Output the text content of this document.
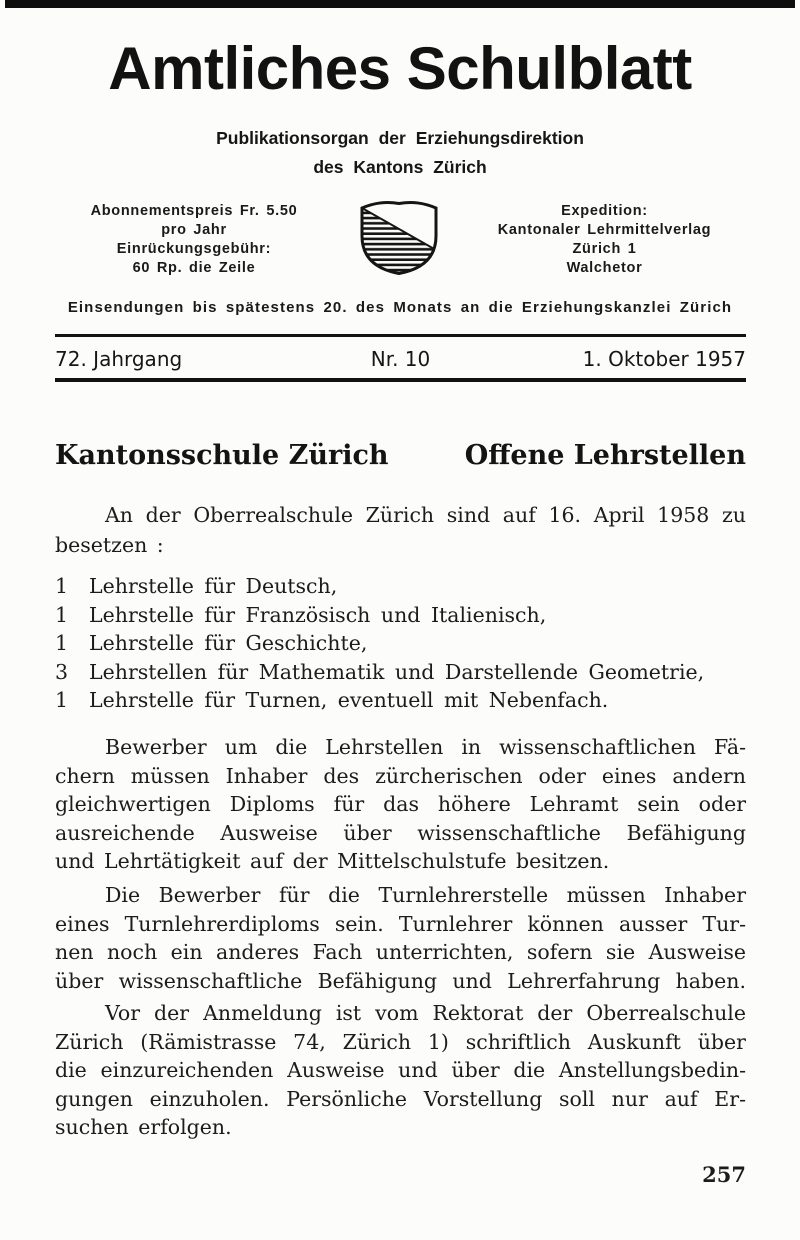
Amtliches Schulblatt
Publikationsorgan der Erziehungsdirektion
des Kantons Zürich
Abonnementspreis Fr. 5.50
pro Jahr
Einrückungsgebühr:
60 Rp. die Zeile
Expedition:
Kantonaler Lehrmittelverlag
Zürich 1
Walchetor
Einsendungen bis spätestens 20. des Monats an die Erziehungskanzlei Zürich
72. Jahrgang	Nr. 10	1. Oktober 1957
Kantonsschule Zürich	Offene Lehrstellen
An der Oberrealschule Zürich sind auf 16. April 1958 zu
besetzen :
1	Lehrstelle für Deutsch,
1	Lehrstelle für Französisch und Italienisch,
1	Lehrstelle für Geschichte,
3	Lehrstellen für Mathematik und Darstellende Geometrie,
1	Lehrstelle für Turnen, eventuell mit Nebenfach.
Bewerber um die Lehrstellen in wissenschaftlichen Fä-
chern müssen Inhaber des zürcherischen oder eines andern
gleichwertigen Diploms für das höhere Lehramt sein oder
ausreichende Ausweise über wissenschaftliche Befähigung
und Lehrtätigkeit auf der Mittelschulstufe besitzen.
Die Bewerber für die Turnlehrerstelle müssen Inhaber
eines Turnlehrerdiploms sein. Turnlehrer können ausser Tur-
nen noch ein anderes Fach unterrichten, sofern sie Ausweise
über wissenschaftliche Befähigung und Lehrerfahrung haben.
Vor der Anmeldung ist vom Rektorat der Oberrealschule
Zürich (Rämistrasse 74, Zürich 1) schriftlich Auskunft über
die einzureichenden Ausweise und über die Anstellungsbedin-
gungen einzuholen. Persönliche Vorstellung soll nur auf Er-
suchen erfolgen.
257
